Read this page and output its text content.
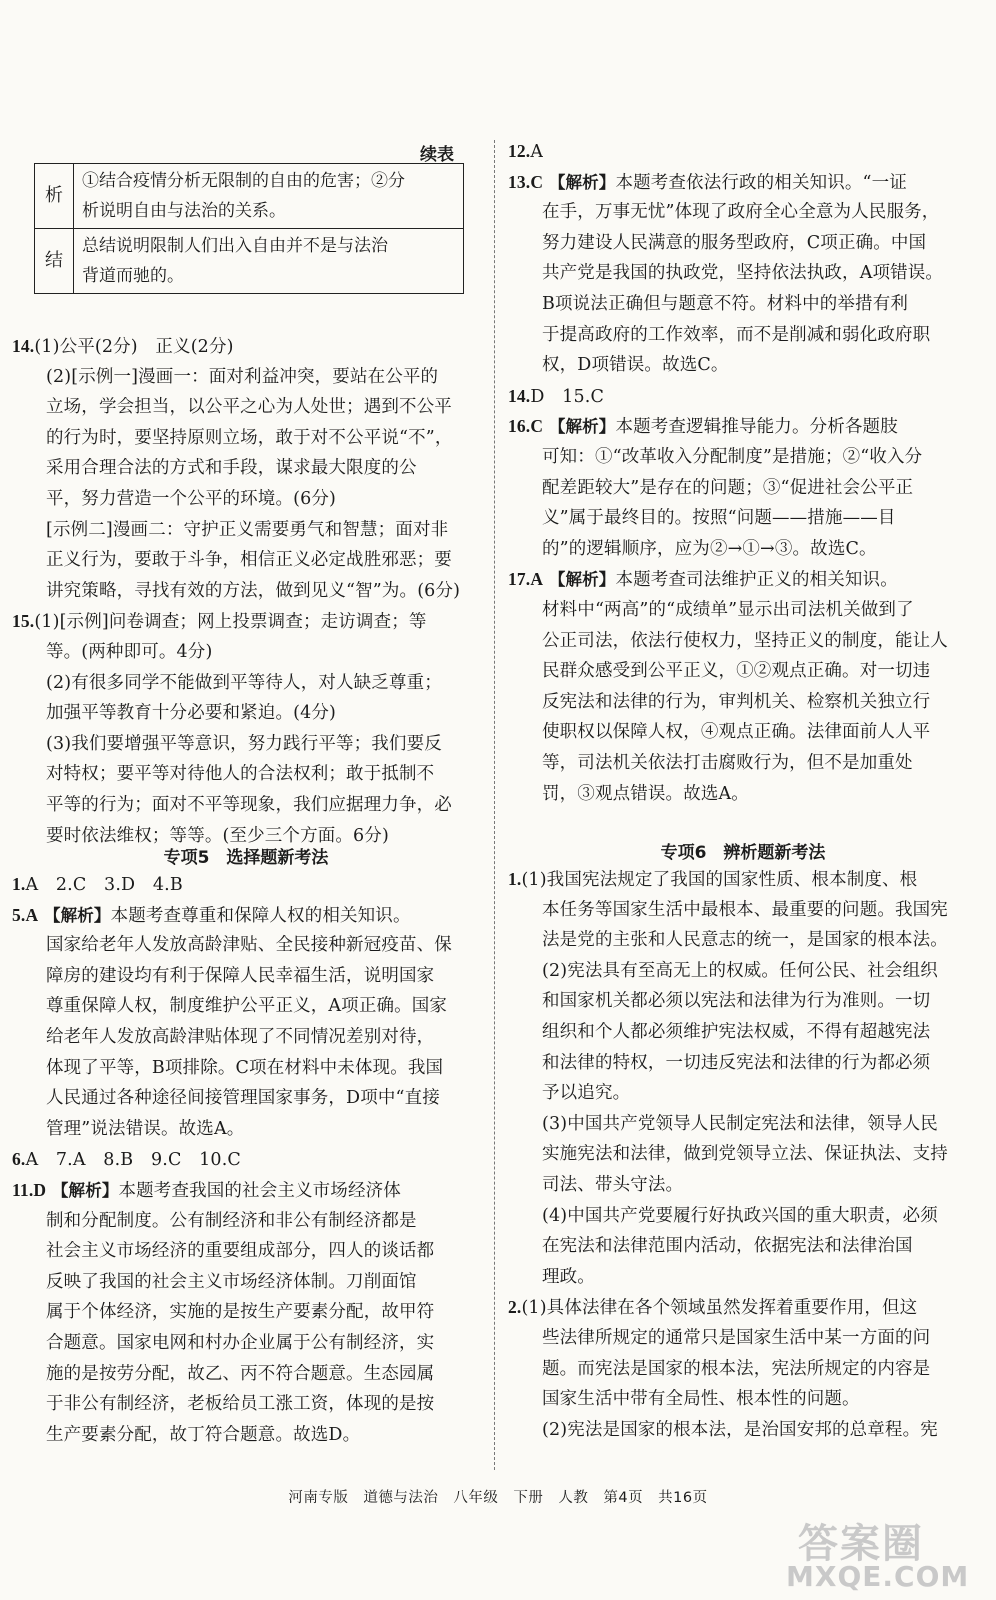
续表
析	①结合疫情分析无限制的自由的危害；②分
析说明自由与法治的关系。

结	总结说明限制人们出入自由并不是与法治
背道而驰的。
14.(1)公平(2分)　正义(2分)
(2)[示例一]漫画一：面对利益冲突，要站在公平的
立场，学会担当，以公平之心为人处世；遇到不公平
的行为时，要坚持原则立场，敢于对不公平说“不”，
采用合理合法的方式和手段，谋求最大限度的公
平，努力营造一个公平的环境。(6分)
[示例二]漫画二：守护正义需要勇气和智慧；面对非
正义行为，要敢于斗争，相信正义必定战胜邪恶；要
讲究策略，寻找有效的方法，做到见义“智”为。(6分)
15.(1)[示例]问卷调查；网上投票调查；走访调查；等
等。(两种即可。4分)
(2)有很多同学不能做到平等待人，对人缺乏尊重；
加强平等教育十分必要和紧迫。(4分)
(3)我们要增强平等意识，努力践行平等；我们要反
对特权；要平等对待他人的合法权利；敢于抵制不
平等的行为；面对不平等现象，我们应据理力争，必
要时依法维权；等等。(至少三个方面。6分)
专项5　选择题新考法
1.A　2.C　3.D　4.B
5.A 【解析】本题考查尊重和保障人权的相关知识。
国家给老年人发放高龄津贴、全民接种新冠疫苗、保
障房的建设均有利于保障人民幸福生活，说明国家
尊重保障人权，制度维护公平正义，A项正确。国家
给老年人发放高龄津贴体现了不同情况差别对待，
体现了平等，B项排除。C项在材料中未体现。我国
人民通过各种途径间接管理国家事务，D项中“直接
管理”说法错误。故选A。
6.A　7.A　8.B　9.C　10.C
11.D 【解析】本题考查我国的社会主义市场经济体
制和分配制度。公有制经济和非公有制经济都是
社会主义市场经济的重要组成部分，四人的谈话都
反映了我国的社会主义市场经济体制。刀削面馆
属于个体经济，实施的是按生产要素分配，故甲符
合题意。国家电网和村办企业属于公有制经济，实
施的是按劳分配，故乙、丙不符合题意。生态园属
于非公有制经济，老板给员工涨工资，体现的是按
生产要素分配，故丁符合题意。故选D。
12.A
13.C 【解析】本题考查依法行政的相关知识。“一证
在手，万事无忧”体现了政府全心全意为人民服务，
努力建设人民满意的服务型政府，C项正确。中国
共产党是我国的执政党，坚持依法执政，A项错误。
B项说法正确但与题意不符。材料中的举措有利
于提高政府的工作效率，而不是削减和弱化政府职
权，D项错误。故选C。
14.D　15.C
16.C 【解析】本题考查逻辑推导能力。分析各题肢
可知：①“改革收入分配制度”是措施；②“收入分
配差距较大”是存在的问题；③“促进社会公平正
义”属于最终目的。按照“问题——措施——目
的”的逻辑顺序，应为②→①→③。故选C。
17.A 【解析】本题考查司法维护正义的相关知识。
材料中“两高”的“成绩单”显示出司法机关做到了
公正司法，依法行使权力，坚持正义的制度，能让人
民群众感受到公平正义，①②观点正确。对一切违
反宪法和法律的行为，审判机关、检察机关独立行
使职权以保障人权，④观点正确。法律面前人人平
等，司法机关依法打击腐败行为，但不是加重处
罚，③观点错误。故选A。
专项6　辨析题新考法
1.(1)我国宪法规定了我国的国家性质、根本制度、根
本任务等国家生活中最根本、最重要的问题。我国宪
法是党的主张和人民意志的统一，是国家的根本法。
(2)宪法具有至高无上的权威。任何公民、社会组织
和国家机关都必须以宪法和法律为行为准则。一切
组织和个人都必须维护宪法权威，不得有超越宪法
和法律的特权，一切违反宪法和法律的行为都必须
予以追究。
(3)中国共产党领导人民制定宪法和法律，领导人民
实施宪法和法律，做到党领导立法、保证执法、支持
司法、带头守法。
(4)中国共产党要履行好执政兴国的重大职责，必须
在宪法和法律范围内活动，依据宪法和法律治国
理政。
2.(1)具体法律在各个领域虽然发挥着重要作用，但这
些法律所规定的通常只是国家生活中某一方面的问
题。而宪法是国家的根本法，宪法所规定的内容是
国家生活中带有全局性、根本性的问题。
(2)宪法是国家的根本法，是治国安邦的总章程。宪
河南专版　道德与法治　八年级　下册　人教　第4页　共16页
答案圈
MXQE.COM
